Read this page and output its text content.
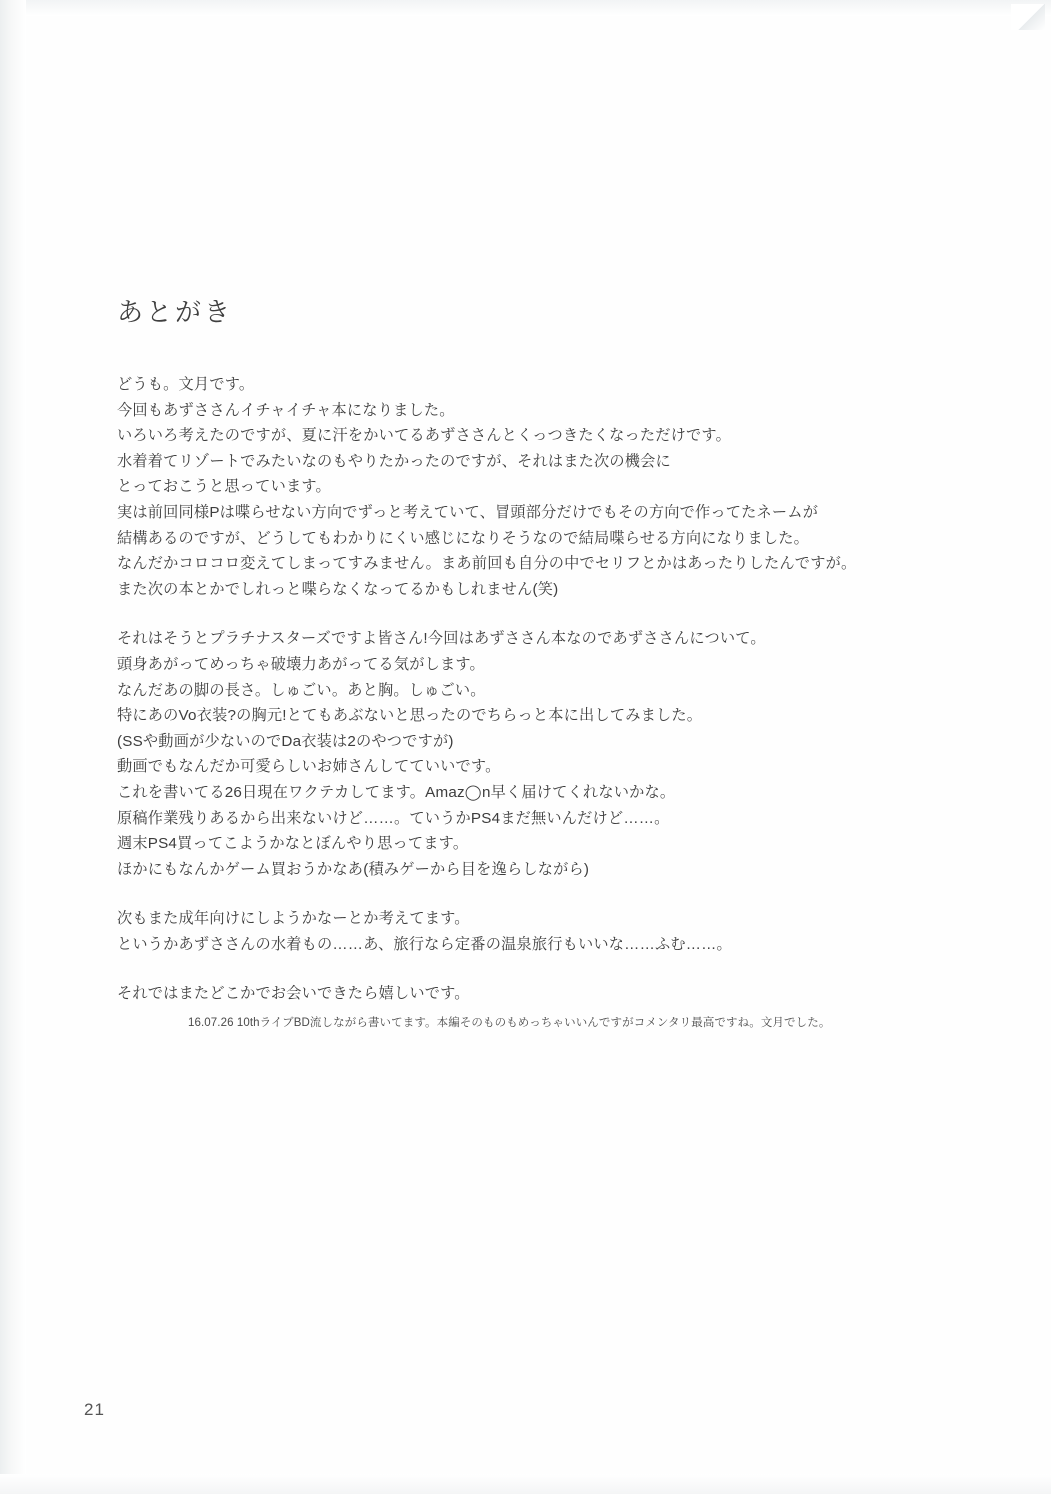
あとがき
どうも。文月です。
今回もあずささんイチャイチャ本になりました。
いろいろ考えたのですが、夏に汗をかいてるあずささんとくっつきたくなっただけです。
水着着てリゾートでみたいなのもやりたかったのですが、それはまた次の機会に
とっておこうと思っています。
実は前回同様Pは喋らせない方向でずっと考えていて、冒頭部分だけでもその方向で作ってたネームが
結構あるのですが、どうしてもわかりにくい感じになりそうなので結局喋らせる方向になりました。
なんだかコロコロ変えてしまってすみません。まあ前回も自分の中でセリフとかはあったりしたんですが。
また次の本とかでしれっと喋らなくなってるかもしれません(笑)
それはそうとプラチナスターズですよ皆さん!今回はあずささん本なのであずささんについて。
頭身あがってめっちゃ破壊力あがってる気がします。
なんだあの脚の長さ。しゅごい。あと胸。しゅごい。
特にあのVo衣装?の胸元!とてもあぶないと思ったのでちらっと本に出してみました。
(SSや動画が少ないのでDa衣装は2のやつですが)
動画でもなんだか可愛らしいお姉さんしてていいです。
これを書いてる26日現在ワクテカしてます。Amaz◯n早く届けてくれないかな。
原稿作業残りあるから出来ないけど……。ていうかPS4まだ無いんだけど……。
週末PS4買ってこようかなとぼんやり思ってます。
ほかにもなんかゲーム買おうかなあ(積みゲーから目を逸らしながら)
次もまた成年向けにしようかなーとか考えてます。
というかあずささんの水着もの……あ、旅行なら定番の温泉旅行もいいな……ふむ……。
それではまたどこかでお会いできたら嬉しいです。
16.07.26 10thライブBD流しながら書いてます。本編そのものもめっちゃいいんですがコメンタリ最高ですね。文月でした。
21
